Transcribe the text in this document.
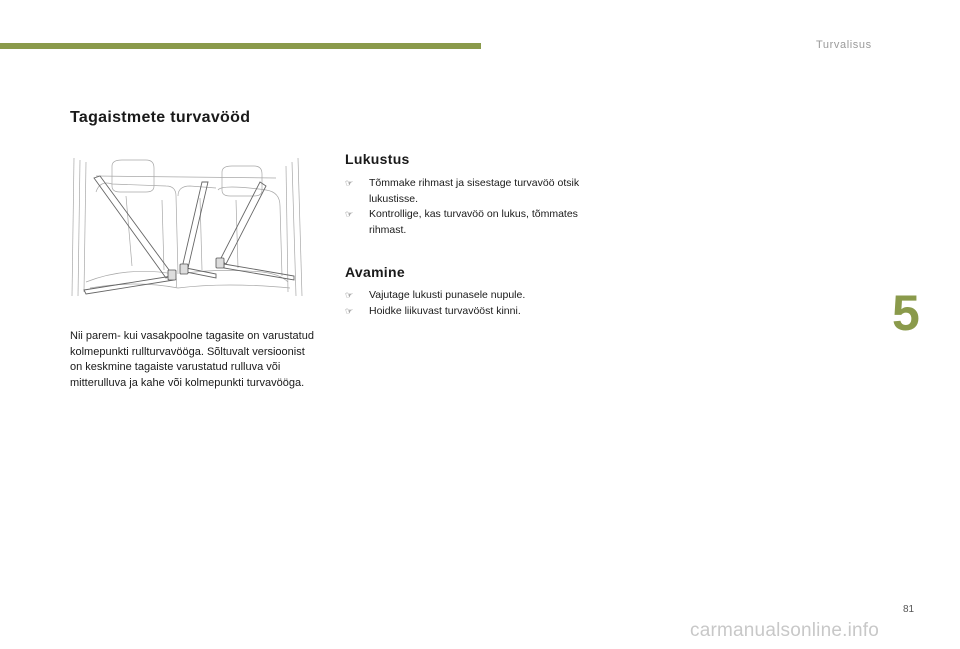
Turvalisus
Tagaistmete turvavööd

Nii parem- kui vasakpoolne tagasite on varustatud kolmepunkti rullturvavööga. Sõltuvalt versioonist on keskmine tagaiste varustatud rulluva või mitterulluva ja kahe või kolmepunkti turvavööga.

Lukustus
☞ Tõmmake rihmast ja sisestage turvavöö otsik lukustisse.
☞ Kontrollige, kas turvavöö on lukus, tõmmates rihmast.
Avamine
☞ Vajutage lukusti punasele nupule.
☞ Hoidke liikuvast turvavööst kinni.	5
81
carmanualsonline.info
